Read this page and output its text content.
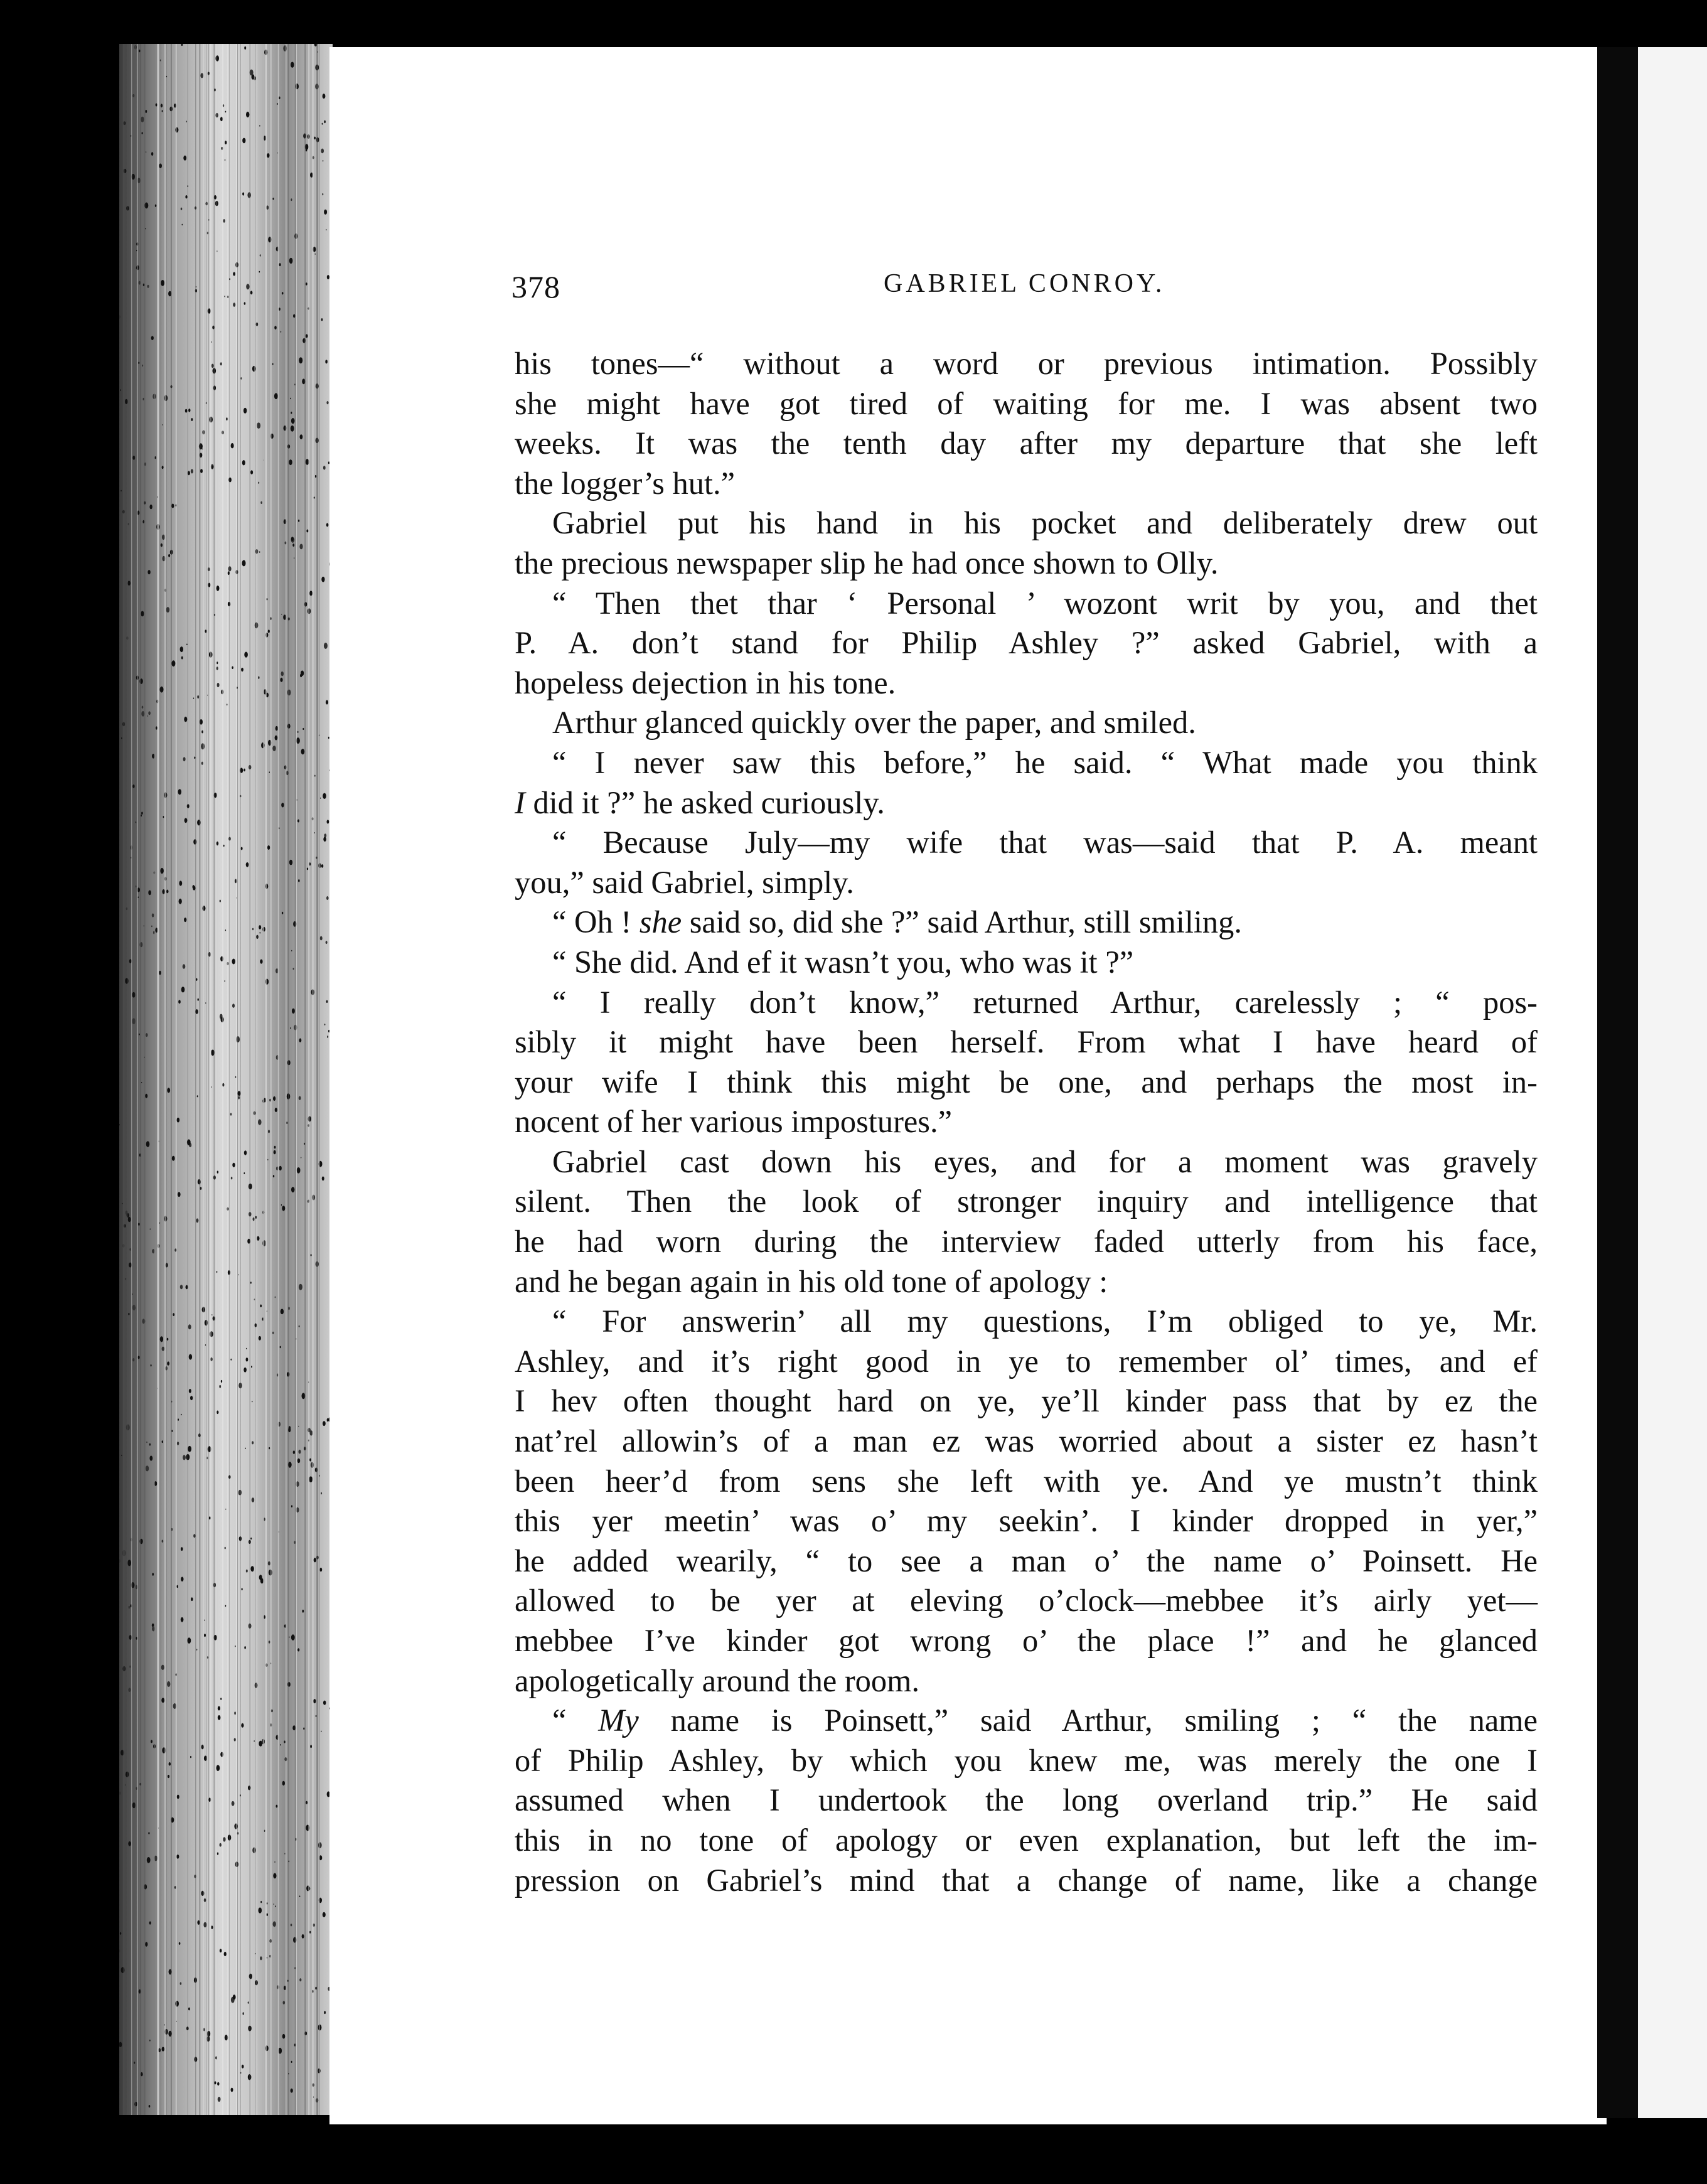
378	GABRIEL CONROY.
his tones—“ without a word or previous intimation. Possibly
she might have got tired of waiting for me. I was absent two
weeks. It was the tenth day after my departure that she left
the logger’s hut.”
Gabriel put his hand in his pocket and deliberately drew out
the precious newspaper slip he had once shown to Olly.
“ Then thet thar ‘ Personal ’ wozont writ by you, and thet
P. A. don’t stand for Philip Ashley ?” asked Gabriel, with a
hopeless dejection in his tone.
Arthur glanced quickly over the paper, and smiled.
“ I never saw this before,” he said. “ What made you think
I did it ?” he asked curiously.
“ Because July—my wife that was—said that P. A. meant
you,” said Gabriel, simply.
“ Oh ! she said so, did she ?” said Arthur, still smiling.
“ She did. And ef it wasn’t you, who was it ?”
“ I really don’t know,” returned Arthur, carelessly ; “ pos-
sibly it might have been herself. From what I have heard of
your wife I think this might be one, and perhaps the most in-
nocent of her various impostures.”
Gabriel cast down his eyes, and for a moment was gravely
silent. Then the look of stronger inquiry and intelligence that
he had worn during the interview faded utterly from his face,
and he began again in his old tone of apology :
“ For answerin’ all my questions, I’m obliged to ye, Mr.
Ashley, and it’s right good in ye to remember ol’ times, and ef
I hev often thought hard on ye, ye’ll kinder pass that by ez the
nat’rel allowin’s of a man ez was worried about a sister ez hasn’t
been heer’d from sens she left with ye. And ye mustn’t think
this yer meetin’ was o’ my seekin’. I kinder dropped in yer,”
he added wearily, “ to see a man o’ the name o’ Poinsett. He
allowed to be yer at eleving o’clock—mebbee it’s airly yet—
mebbee I’ve kinder got wrong o’ the place !” and he glanced
apologetically around the room.
“ My name is Poinsett,” said Arthur, smiling ; “ the name
of Philip Ashley, by which you knew me, was merely the one I
assumed when I undertook the long overland trip.” He said
this in no tone of apology or even explanation, but left the im-
pression on Gabriel’s mind that a change of name, like a change
